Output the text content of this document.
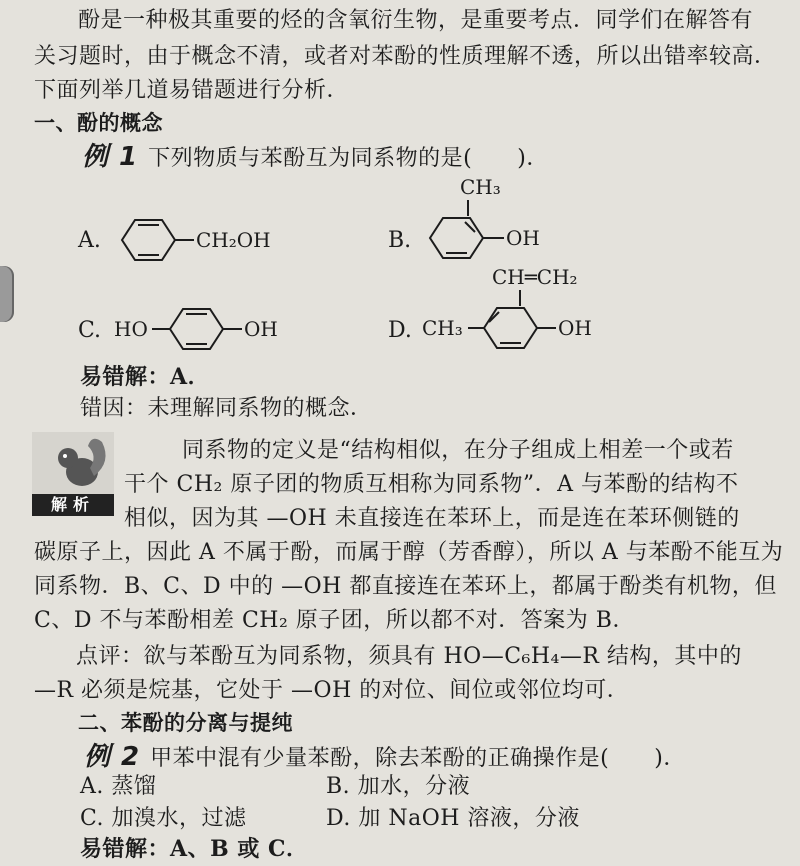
酚是一种极其重要的烃的含氧衍生物，是重要考点．同学们在解答有
关习题时，由于概念不清，或者对苯酚的性质理解不透，所以出错率较高．
下面列举几道易错题进行分析．
一、酚的概念
例 1 下列物质与苯酚互为同系物的是(　　)．
A.	CH₂OH	B.
CH₃
OH
C. HO	OH	D.
CH═CH₂
CH₃	OH
易错解：A．
错因：未理解同系物的概念．
解析
同系物的定义是“结构相似，在分子组成上相差一个或若
干个 CH₂ 原子团的物质互相称为同系物”．A 与苯酚的结构不
相似，因为其 —OH 未直接连在苯环上，而是连在苯环侧链的
碳原子上，因此 A 不属于酚，而属于醇（芳香醇），所以 A 与苯酚不能互为
同系物．B、C、D 中的 —OH 都直接连在苯环上，都属于酚类有机物，但
C、D 不与苯酚相差 CH₂ 原子团，所以都不对．答案为 B．
点评：欲与苯酚互为同系物，须具有 HO—C₆H₄—R 结构，其中的
—R 必须是烷基，它处于 —OH 的对位、间位或邻位均可．
二、苯酚的分离与提纯
例 2 甲苯中混有少量苯酚，除去苯酚的正确操作是(　　)．
A. 蒸馏	B. 加水，分液
C. 加溴水，过滤	D. 加 NaOH 溶液，分液
易错解：A、B 或 C．
